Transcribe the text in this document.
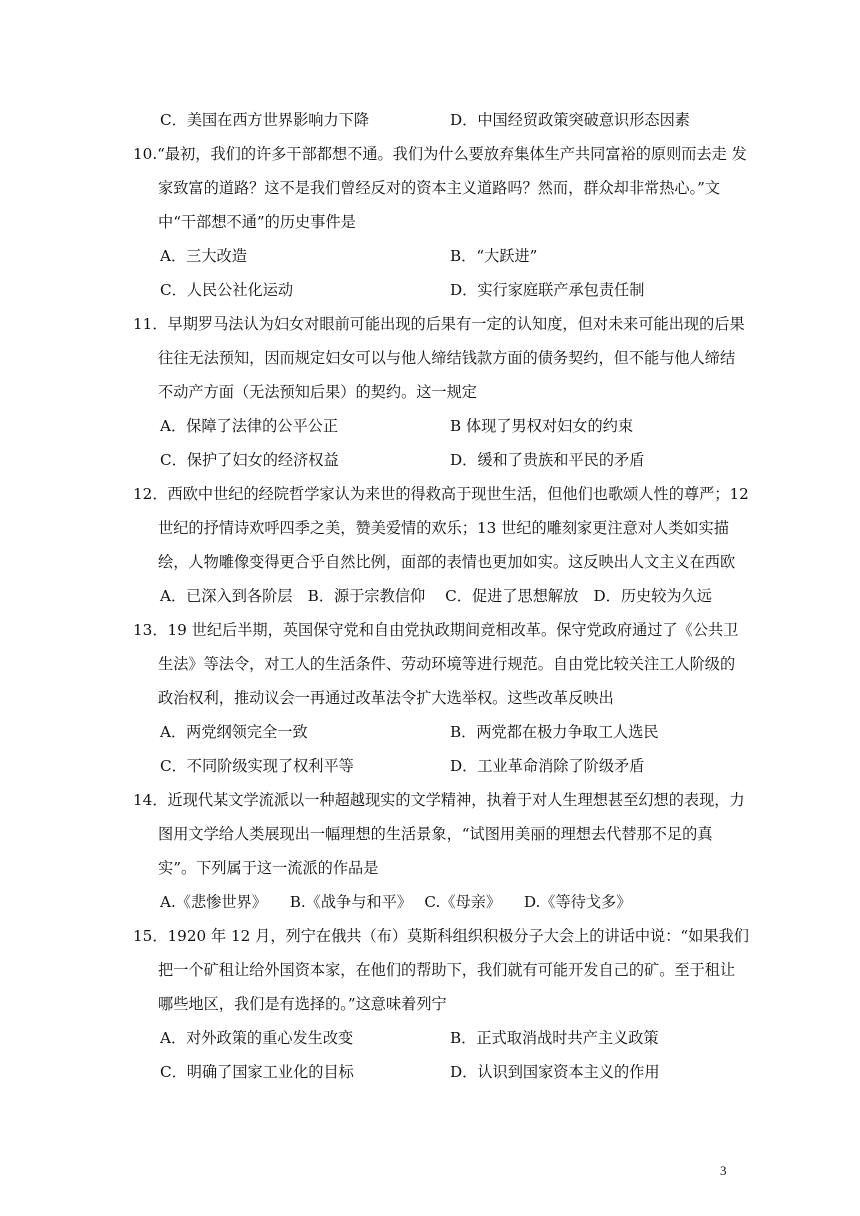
C．美国在西方世界影响力下降	D．中国经贸政策突破意识形态因素
10.“最初，我们的许多干部都想不通。我们为什么要放弃集体生产共同富裕的原则而去走 发
家致富的道路？这不是我们曾经反对的资本主义道路吗？然而，群众却非常热心。”文
中“干部想不通”的历史事件是
A．三大改造	B．“大跃进”
C．人民公社化运动	D．实行家庭联产承包责任制
11．早期罗马法认为妇女对眼前可能出现的后果有一定的认知度，但对未来可能出现的后果
往往无法预知，因而规定妇女可以与他人缔结钱款方面的债务契约，但不能与他人缔结
不动产方面（无法预知后果）的契约。这一规定
A．保障了法律的公平公正	B 体现了男权对妇女的约束
C．保护了妇女的经济权益	D．缓和了贵族和平民的矛盾
12．西欧中世纪的经院哲学家认为来世的得救高于现世生活，但他们也歌颂人性的尊严；12
世纪的抒情诗欢呼四季之美，赞美爱情的欢乐；13 世纪的雕刻家更注意对人类如实描
绘，人物雕像变得更合乎自然比例，面部的表情也更加如实。这反映出人文主义在西欧
A．已深入到各阶层　B．源于宗教信仰　 C．促进了思想解放　D．历史较为久远
13．19 世纪后半期，英国保守党和自由党执政期间竞相改革。保守党政府通过了《公共卫
生法》等法令，对工人的生活条件、劳动环境等进行规范。自由党比较关注工人阶级的
政治权利，推动议会一再通过改革法令扩大选举权。这些改革反映出
A．两党纲领完全一致	B．两党都在极力争取工人选民
C．不同阶级实现了权利平等	D．工业革命消除了阶级矛盾
14．近现代某文学流派以一种超越现实的文学精神，执着于对人生理想甚至幻想的表现，力
图用文学给人类展现出一幅理想的生活景象，“试图用美丽的理想去代替那不足的真
实”。下列属于这一流派的作品是
A.《悲惨世界》　　B.《战争与和平》　 C.《母亲》　　D.《等待戈多》
15．1920 年 12 月，列宁在俄共（布）莫斯科组织积极分子大会上的讲话中说：“如果我们
把一个矿租让给外国资本家，在他们的帮助下，我们就有可能开发自己的矿。至于租让
哪些地区，我们是有选择的。”这意味着列宁
A．对外政策的重心发生改变	B．正式取消战时共产主义政策
C．明确了国家工业化的目标	D．认识到国家资本主义的作用
3
